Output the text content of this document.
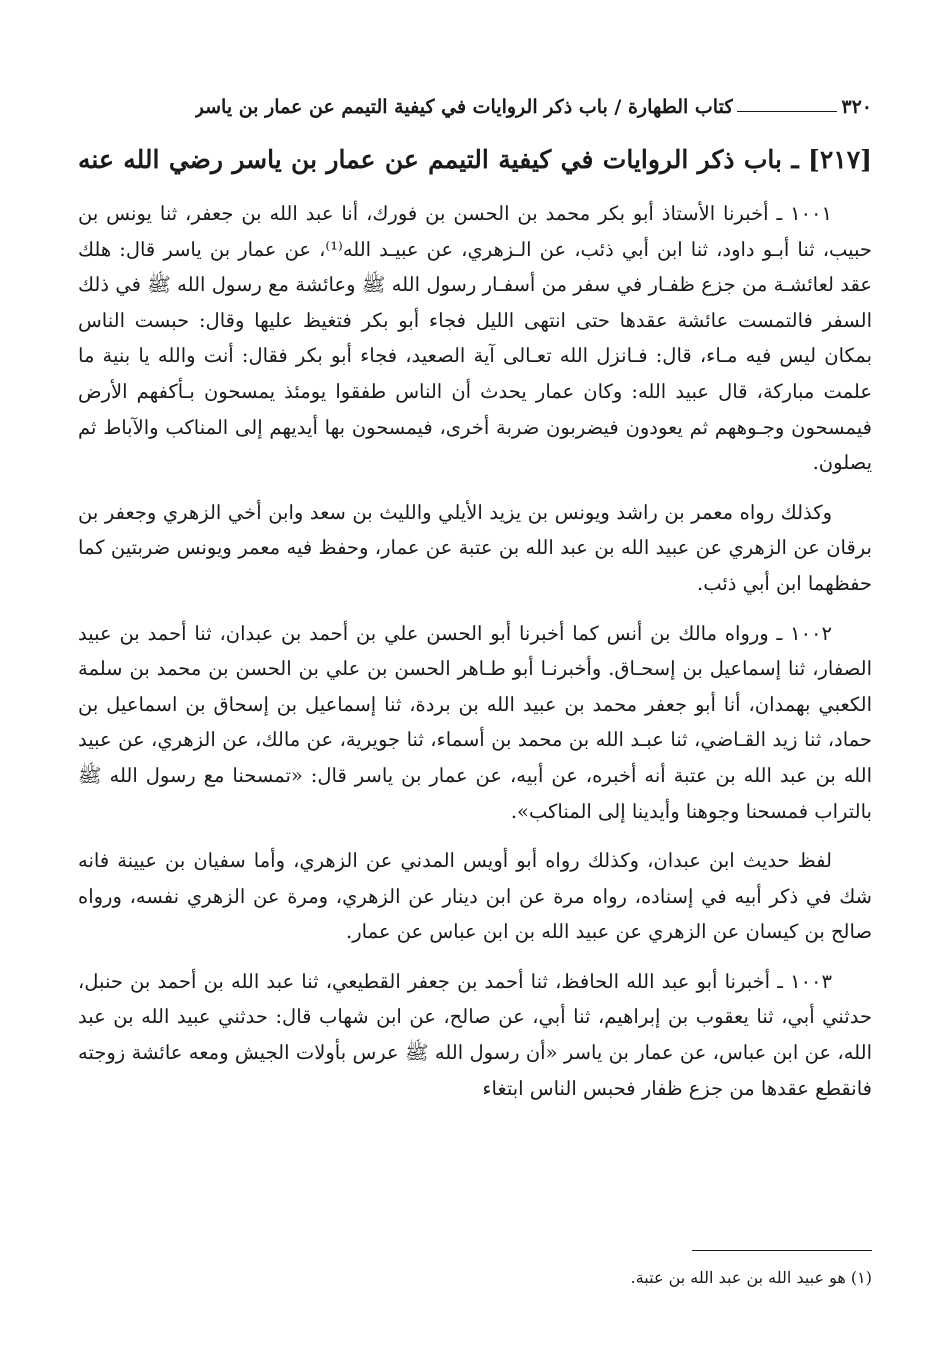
٣٢٠
كتاب الطهارة / باب ذكر الروايات في كيفية التيمم عن عمار بن ياسر
[٢١٧] ـ باب ذكر الروايات في كيفية التيمم عن عمار بن ياسر رضي الله عنه

١٠٠١ ـ أخبرنا الأستاذ أبو بكر محمد بن الحسن بن فورك، أنا عبد الله بن جعفر، ثنا يونس بن حبيب، ثنا أبـو داود، ثنا ابن أبي ذئب، عن الـزهري، عن عبيـد الله⁽¹⁾، عن عمار بن ياسر قال: هلك عقد لعائشـة من جزع ظفـار في سفر من أسفـار رسول الله ﷺ وعائشة مع رسول الله ﷺ في ذلك السفر فالتمست عائشة عقدها حتى انتهى الليل فجاء أبو بكر فتغيظ عليها وقال: حبست الناس بمكان ليس فيه مـاء، قال: فـانزل الله تعـالى آية الصعيد، فجاء أبو بكر فقال: أنت والله يا بنية ما علمت مباركة، قال عبيد الله: وكان عمار يحدث أن الناس طفقوا يومئذ يمسحون بـأكفهم الأرض فيمسحون وجـوههم ثم يعودون فيضربون ضربة أخرى، فيمسحون بها أيديهم إلى المناكب والآباط ثم يصلون.

وكذلك رواه معمر بن راشد ويونس بن يزيد الأيلي والليث بن سعد وابن أخي الزهري وجعفر بن برقان عن الزهري عن عبيد الله بن عبد الله بن عتبة عن عمار، وحفظ فيه معمر ويونس ضربتين كما حفظهما ابن أبي ذئب.

١٠٠٢ ـ ورواه مالك بن أنس كما أخبرنا أبو الحسن علي بن أحمد بن عبدان، ثنا أحمد بن عبيد الصفار، ثنا إسماعيل بن إسحـاق. وأخبرنـا أبو طـاهر الحسن بن علي بن الحسن بن محمد بن سلمة الكعبي بهمدان، أنا أبو جعفر محمد بن عبيد الله بن بردة، ثنا إسماعيل بن إسحاق بن اسماعيل بن حماد، ثنا زيد القـاضي، ثنا عبـد الله بن محمد بن أسماء، ثنا جويرية، عن مالك، عن الزهري، عن عبيد الله بن عبد الله بن عتبة أنه أخبره، عن أبيه، عن عمار بن ياسر قال: «تمسحنا مع رسول الله ﷺ بالتراب فمسحنا وجوهنا وأيدينا إلى المناكب».

لفظ حديث ابن عبدان، وكذلك رواه أبو أويس المدني عن الزهري، وأما سفيان بن عيينة فانه شك في ذكر أبيه في إسناده، رواه مرة عن ابن دينار عن الزهري، ومرة عن الزهري نفسه، ورواه صالح بن كيسان عن الزهري عن عبيد الله بن ابن عباس عن عمار.

١٠٠٣ ـ أخبرنا أبو عبد الله الحافظ، ثنا أحمد بن جعفر القطيعي، ثنا عبد الله بن أحمد بن حنبل، حدثني أبي، ثنا يعقوب بن إبراهيم، ثنا أبي، عن صالح، عن ابن شهاب قال: حدثني عبيد الله بن عبد الله، عن ابن عباس، عن عمار بن ياسر «أن رسول الله ﷺ عرس بأولات الجيش ومعه عائشة زوجته فانقطع عقدها من جزع ظفار فحبس الناس ابتغاء

(١) هو عبيد الله بن عبد الله بن عتبة.
